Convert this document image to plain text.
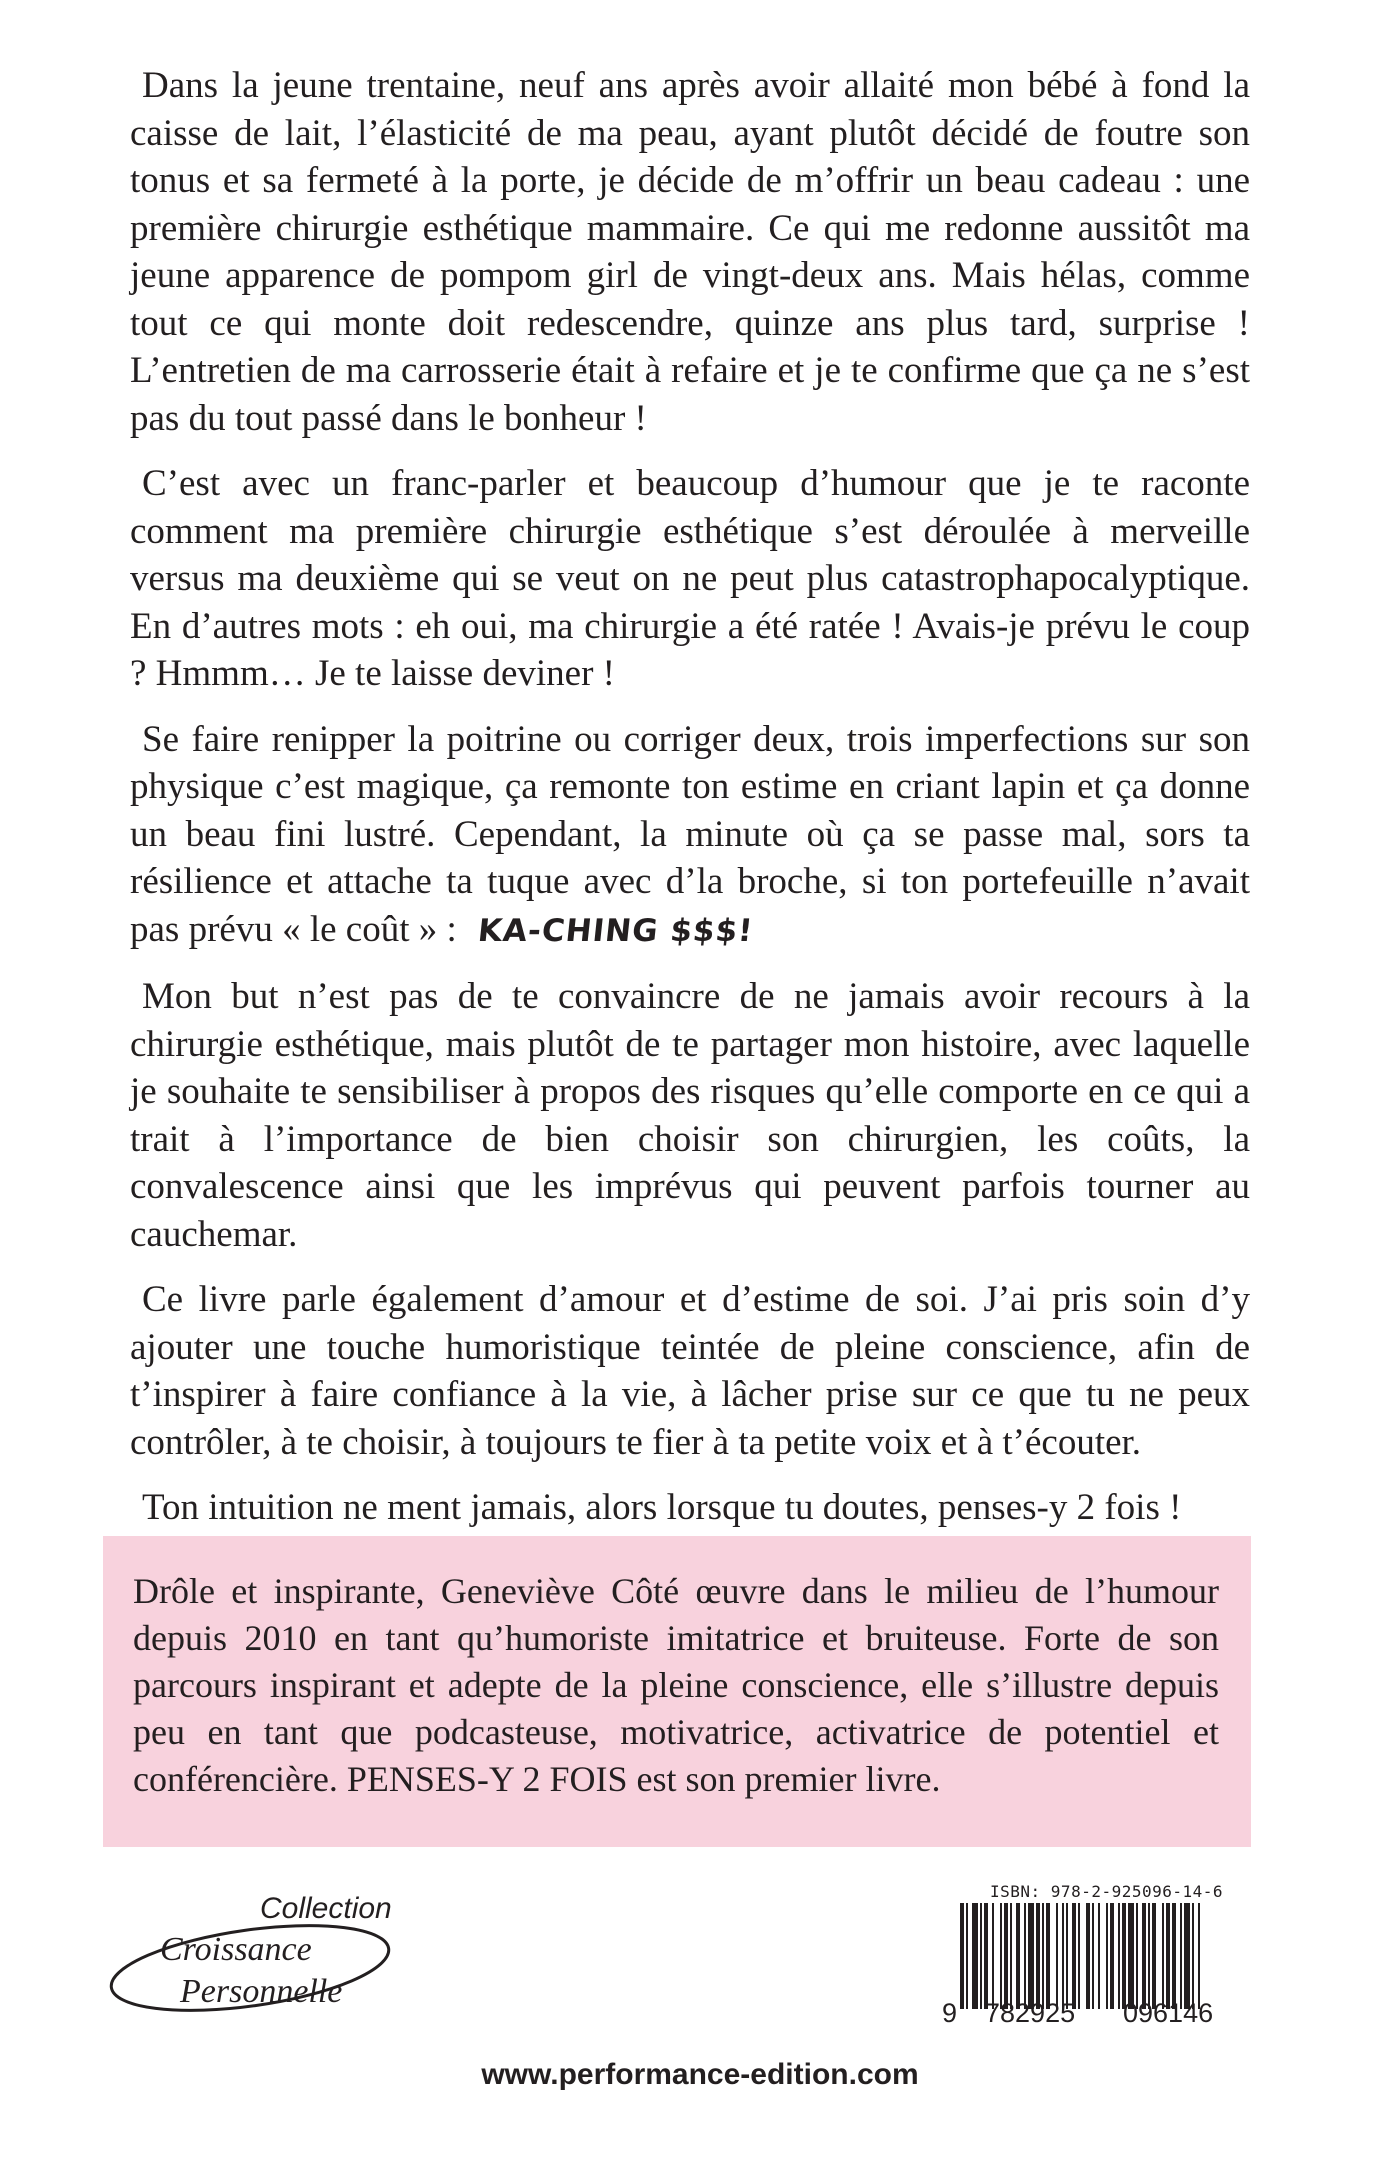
Dans la jeune trentaine, neuf ans après avoir allaité mon bébé à fond la caisse de lait, l’élasticité de ma peau, ayant plutôt décidé de foutre son tonus et sa fermeté à la porte, je décide de m’offrir un beau cadeau : une première chirurgie esthétique mammaire. Ce qui me redonne aussitôt ma jeune apparence de pompom girl de vingt-deux ans. Mais hélas, comme tout ce qui monte doit redescendre, quinze ans plus tard, surprise ! L’entretien de ma carrosserie était à refaire et je te confirme que ça ne s’est pas du tout passé dans le bonheur !

C’est avec un franc-parler et beaucoup d’humour que je te raconte comment ma première chirurgie esthétique s’est déroulée à merveille versus ma deuxième qui se veut on ne peut plus catastrophapocalyptique. En d’autres mots : eh oui, ma chirurgie a été ratée ! Avais-je prévu le coup ? Hmmm… Je te laisse deviner !

Se faire renipper la poitrine ou corriger deux, trois imperfections sur son physique c’est magique, ça remonte ton estime en criant lapin et ça donne un beau fini lustré. Cependant, la minute où ça se passe mal, sors ta résilience et attache ta tuque avec d’la broche, si ton portefeuille n’avait pas prévu « le coût » : KA-CHING $$$!

Mon but n’est pas de te convaincre de ne jamais avoir recours à la chirurgie esthétique, mais plutôt de te partager mon histoire, avec laquelle je souhaite te sensibiliser à propos des risques qu’elle comporte en ce qui a trait à l’importance de bien choisir son chirurgien, les coûts, la convalescence ainsi que les imprévus qui peuvent parfois tourner au cauchemar.

Ce livre parle également d’amour et d’estime de soi. J’ai pris soin d’y ajouter une touche humoristique teintée de pleine conscience, afin de t’inspirer à faire confiance à la vie, à lâcher prise sur ce que tu ne peux contrôler, à te choisir, à toujours te fier à ta petite voix et à t’écouter.

Ton intuition ne ment jamais, alors lorsque tu doutes, penses-y 2 fois !

Drôle et inspirante, Geneviève Côté œuvre dans le milieu de l’humour depuis 2010 en tant qu’humoriste imitatrice et bruiteuse. Forte de son parcours inspirant et adepte de la pleine conscience, elle s’illustre depuis peu en tant que podcasteuse, motivatrice, activatrice de potentiel et conférencière. PENSES-Y 2 FOIS est son premier livre.
Collection
Croissance
Personnelle
ISBN: 978-2-925096-14-6
9 782925 096146
www.performance-edition.com
